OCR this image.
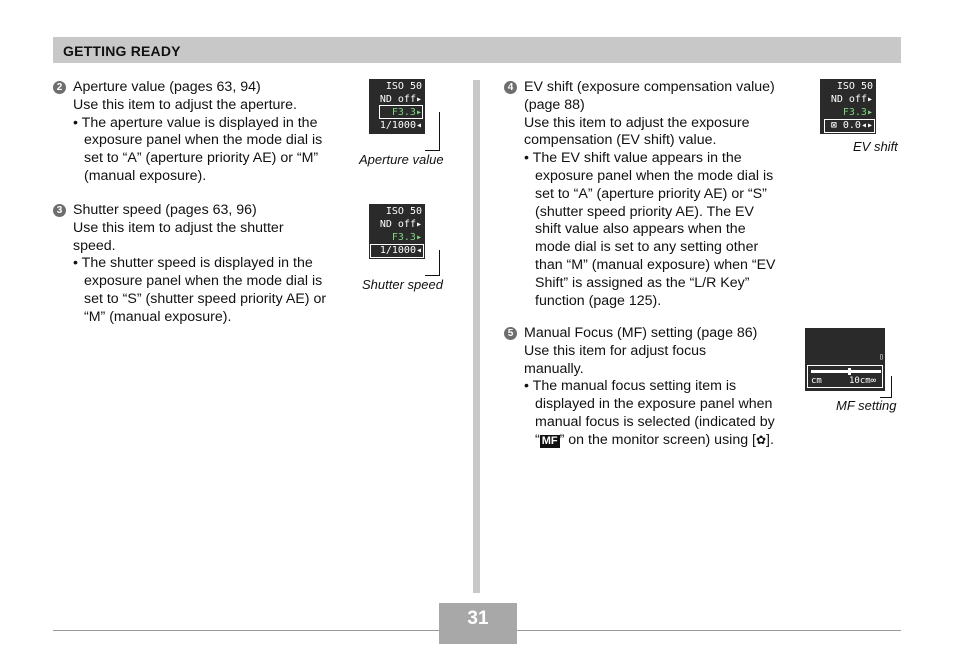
GETTING READY
2 Aperture value (pages 63, 94)
Use this item to adjust the aperture.
• The aperture value is displayed in the
exposure panel when the mode dial is
set to “A” (aperture priority AE) or “M”
(manual exposure).
ISO 50
ND off▸
F3.3▸
1/1000◂
Aperture value
3 Shutter speed (pages 63, 96)
Use this item to adjust the shutter
speed.
• The shutter speed is displayed in the
exposure panel when the mode dial is
set to “S” (shutter speed priority AE) or
“M” (manual exposure).
ISO 50
ND off▸
F3.3▸
1/1000◂
Shutter speed
4 EV shift (exposure compensation value)
(page 88)
Use this item to adjust the exposure
compensation (EV shift) value.
• The EV shift value appears in the
exposure panel when the mode dial is
set to “A” (aperture priority AE) or “S”
(shutter speed priority AE). The EV
shift value also appears when the
mode dial is set to any setting other
than “M” (manual exposure) when “EV
Shift” is assigned as the “L/R Key”
function (page 125).
ISO 50
ND off▸
F3.3▸
⊠ 0.0◂▸
EV shift
5 Manual Focus (MF) setting (page 86)
Use this item for adjust focus
manually.
• The manual focus setting item is
displayed in the exposure panel when
manual focus is selected (indicated by
“ MF ” on the monitor screen) using [✿].
▯
cm	10cm∞
MF setting
31
